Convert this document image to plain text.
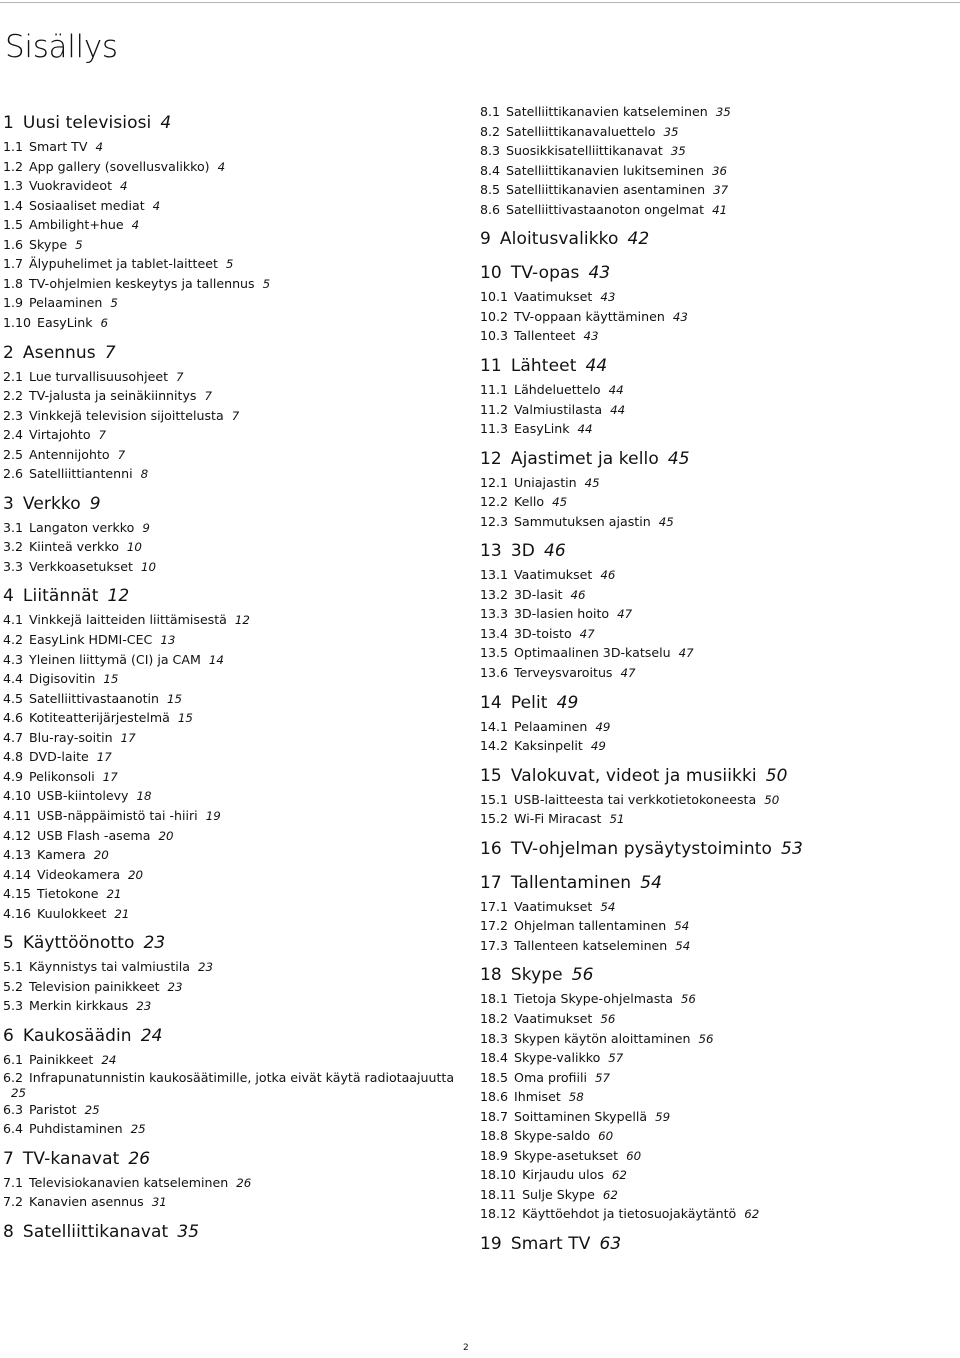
Sisällys
1 Uusi televisiosi 4
1.1 Smart TV 4
1.2 App gallery (sovellusvalikko) 4
1.3 Vuokravideot 4
1.4 Sosiaaliset mediat 4
1.5 Ambilight+hue 4
1.6 Skype 5
1.7 Älypuhelimet ja tablet-laitteet 5
1.8 TV-ohjelmien keskeytys ja tallennus 5
1.9 Pelaaminen 5
1.10 EasyLink 6
2 Asennus 7
2.1 Lue turvallisuusohjeet 7
2.2 TV-jalusta ja seinäkiinnitys 7
2.3 Vinkkejä television sijoittelusta 7
2.4 Virtajohto 7
2.5 Antennijohto 7
2.6 Satelliittiantenni 8
3 Verkko 9
3.1 Langaton verkko 9
3.2 Kiinteä verkko 10
3.3 Verkkoasetukset 10
4 Liitännät 12
4.1 Vinkkejä laitteiden liittämisestä 12
4.2 EasyLink HDMI-CEC 13
4.3 Yleinen liittymä (CI) ja CAM 14
4.4 Digisovitin 15
4.5 Satelliittivastaanotin 15
4.6 Kotiteatterijärjestelmä 15
4.7 Blu-ray-soitin 17
4.8 DVD-laite 17
4.9 Pelikonsoli 17
4.10 USB-kiintolevy 18
4.11 USB-näppäimistö tai -hiiri 19
4.12 USB Flash -asema 20
4.13 Kamera 20
4.14 Videokamera 20
4.15 Tietokone 21
4.16 Kuulokkeet 21
5 Käyttöönotto 23
5.1 Käynnistys tai valmiustila 23
5.2 Television painikkeet 23
5.3 Merkin kirkkaus 23
6 Kaukosäädin 24
6.1 Painikkeet 24
6.2 Infrapunatunnistin kaukosäätimille, jotka eivät käytä radiotaajuutta
25
6.3 Paristot 25
6.4 Puhdistaminen 25
7 TV-kanavat 26
7.1 Televisiokanavien katseleminen 26
7.2 Kanavien asennus 31
8 Satelliittikanavat 35
8.1 Satelliittikanavien katseleminen 35
8.2 Satelliittikanavaluettelo 35
8.3 Suosikkisatelliittikanavat 35
8.4 Satelliittikanavien lukitseminen 36
8.5 Satelliittikanavien asentaminen 37
8.6 Satelliittivastaanoton ongelmat 41
9 Aloitusvalikko 42
10 TV-opas 43
10.1 Vaatimukset 43
10.2 TV-oppaan käyttäminen 43
10.3 Tallenteet 43
11 Lähteet 44
11.1 Lähdeluettelo 44
11.2 Valmiustilasta 44
11.3 EasyLink 44
12 Ajastimet ja kello 45
12.1 Uniajastin 45
12.2 Kello 45
12.3 Sammutuksen ajastin 45
13 3D 46
13.1 Vaatimukset 46
13.2 3D-lasit 46
13.3 3D-lasien hoito 47
13.4 3D-toisto 47
13.5 Optimaalinen 3D-katselu 47
13.6 Terveysvaroitus 47
14 Pelit 49
14.1 Pelaaminen 49
14.2 Kaksinpelit 49
15 Valokuvat, videot ja musiikki 50
15.1 USB-laitteesta tai verkkotietokoneesta 50
15.2 Wi-Fi Miracast 51
16 TV-ohjelman pysäytystoiminto 53
17 Tallentaminen 54
17.1 Vaatimukset 54
17.2 Ohjelman tallentaminen 54
17.3 Tallenteen katseleminen 54
18 Skype 56
18.1 Tietoja Skype-ohjelmasta 56
18.2 Vaatimukset 56
18.3 Skypen käytön aloittaminen 56
18.4 Skype-valikko 57
18.5 Oma profiili 57
18.6 Ihmiset 58
18.7 Soittaminen Skypellä 59
18.8 Skype-saldo 60
18.9 Skype-asetukset 60
18.10 Kirjaudu ulos 62
18.11 Sulje Skype 62
18.12 Käyttöehdot ja tietosuojakäytäntö 62
19 Smart TV 63
2
